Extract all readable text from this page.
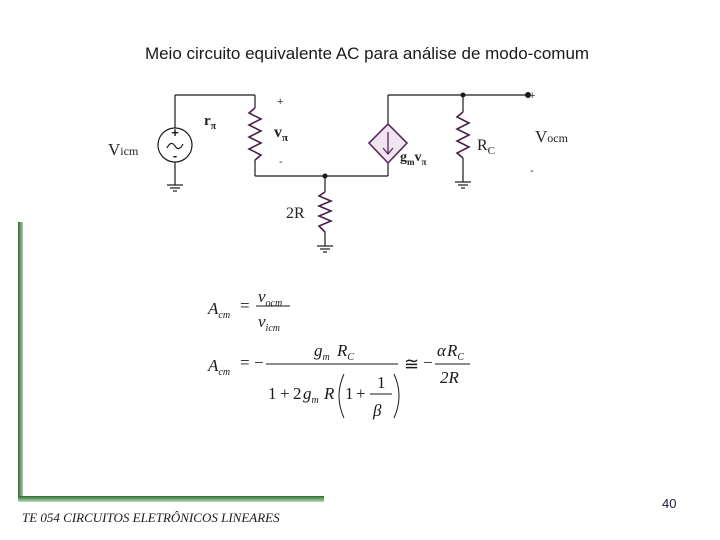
Meio circuito equivalente AC para análise de modo-comum
+
-
Vicm
$r_\pi$
+
$v_\pi$
-	$g_mv_\pi$
$R_C$
+
Vocm
-
2R
$A_{cm}$
= $v_{ocm}$
$v_{icm}$
$A_{cm}$
= −
$g_m$ $R_C$
1 + 2 $g_m$ R 1 +
1
β
≅ −
α $R_C$
2R
TE 054 CIRCUITOS ELETRÔNICOS LINEARES
40
